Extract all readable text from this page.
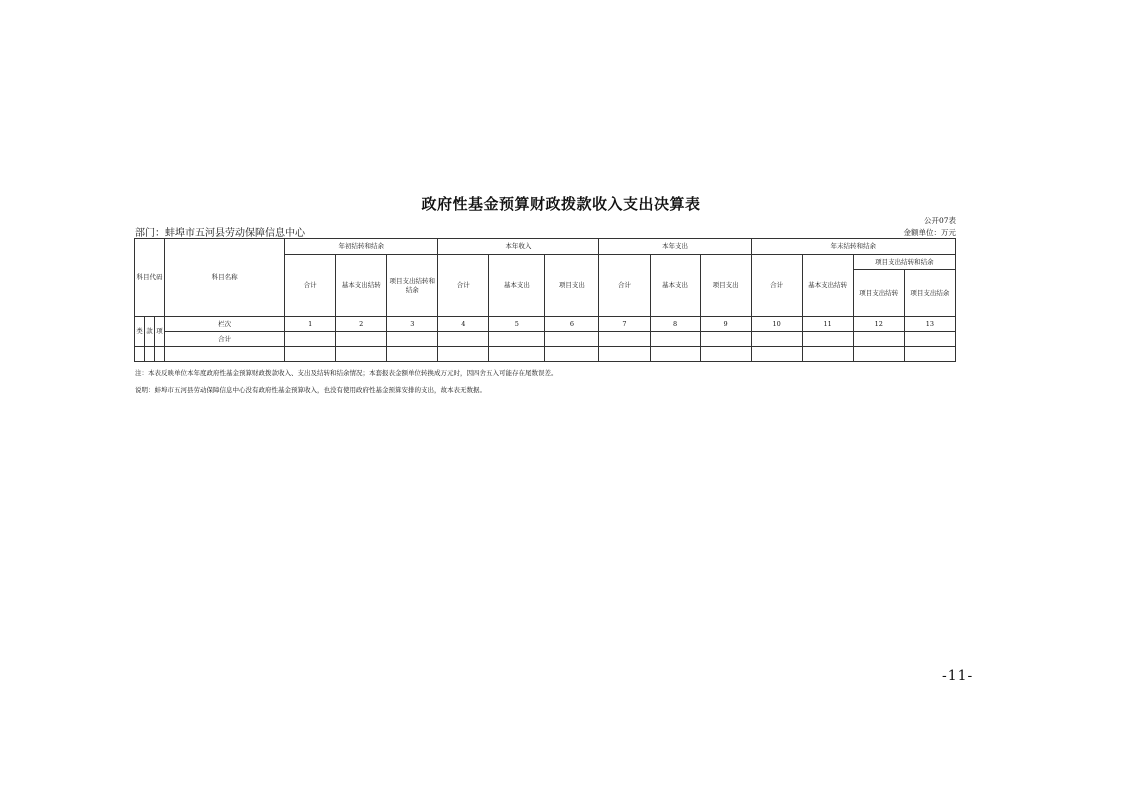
政府性基金预算财政拨款收入支出决算表
公开07表
部门：蚌埠市五河县劳动保障信息中心	金额单位：万元
科目代码			科目名称	年初结转和结余			本年收入			本年支出			年末结转和结余			
				合计	基本支出结转	项目支出结转和结余	合计	基本支出	项目支出	合计	基本支出	项目支出	合计	基本支出结转	项目支出结转和结余	
															项目支出结转	项目支出结余
类	款	项	栏次	1	2	3	4	5	6	7	8	9	10	11	12	13
			合计													

注：本表反映单位本年度政府性基金预算财政拨款收入、支出及结转和结余情况；本套报表金额单位转换成万元时，因四舍五入可能存在尾数误差。
说明：蚌埠市五河县劳动保障信息中心没有政府性基金预算收入，也没有使用政府性基金预算安排的支出，故本表无数据。
-11-
